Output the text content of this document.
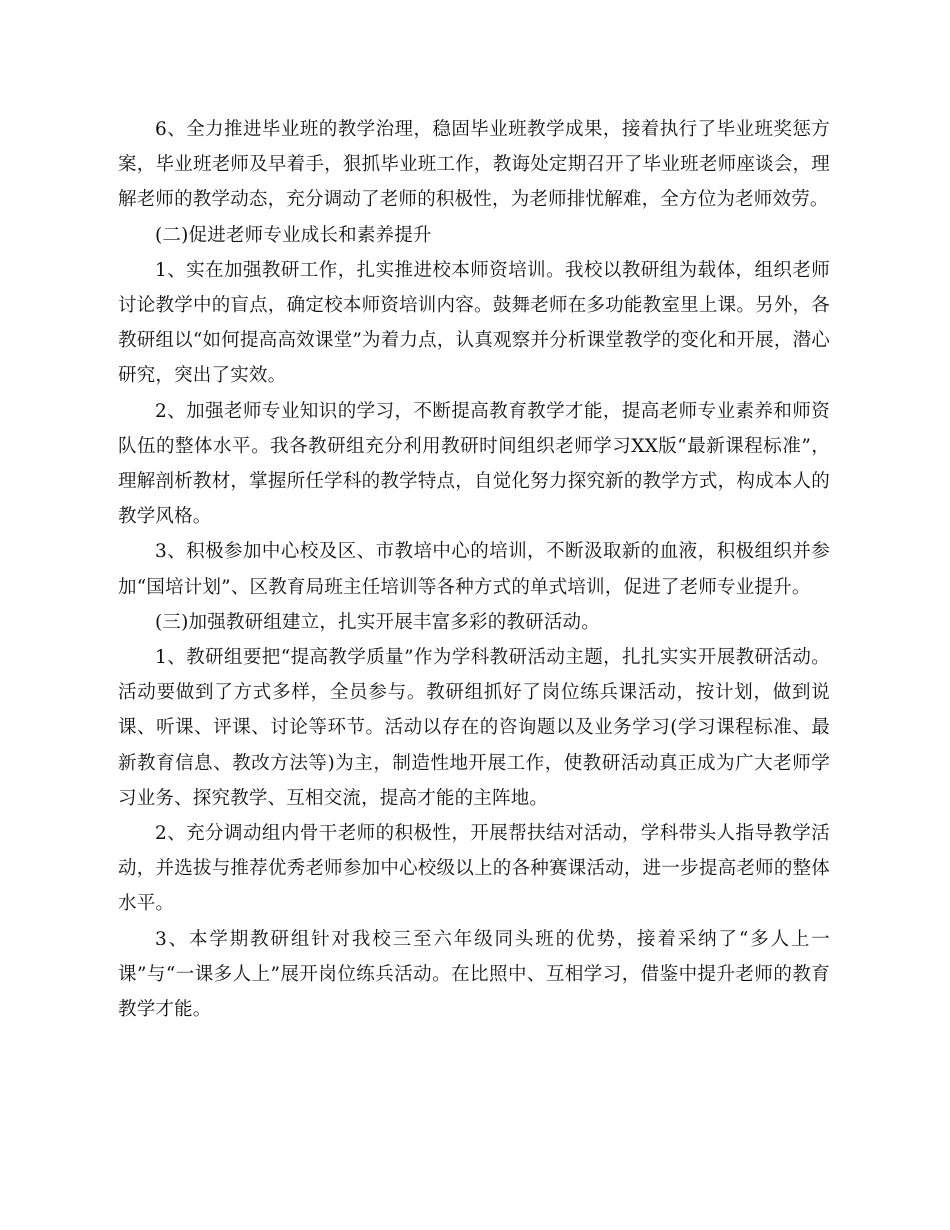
6、全力推进毕业班的教学治理，稳固毕业班教学成果，接着执行了毕业班奖惩方案，毕业班老师及早着手，狠抓毕业班工作，教诲处定期召开了毕业班老师座谈会，理解老师的教学动态，充分调动了老师的积极性，为老师排忧解难，全方位为老师效劳。

(二)促进老师专业成长和素养提升

1、实在加强教研工作，扎实推进校本师资培训。我校以教研组为载体，组织老师讨论教学中的盲点，确定校本师资培训内容。鼓舞老师在多功能教室里上课。另外，各教研组以“如何提高高效课堂”为着力点，认真观察并分析课堂教学的变化和开展，潜心研究，突出了实效。

2、加强老师专业知识的学习，不断提高教育教学才能，提高老师专业素养和师资队伍的整体水平。我各教研组充分利用教研时间组织老师学习XX版“最新课程标准”，理解剖析教材，掌握所任学科的教学特点，自觉化努力探究新的教学方式，构成本人的教学风格。

3、积极参加中心校及区、市教培中心的培训，不断汲取新的血液，积极组织并参加“国培计划”、区教育局班主任培训等各种方式的单式培训，促进了老师专业提升。

(三)加强教研组建立，扎实开展丰富多彩的教研活动。

1、教研组要把“提高教学质量”作为学科教研活动主题，扎扎实实开展教研活动。活动要做到了方式多样，全员参与。教研组抓好了岗位练兵课活动，按计划，做到说课、听课、评课、讨论等环节。活动以存在的咨询题以及业务学习(学习课程标准、最新教育信息、教改方法等)为主，制造性地开展工作，使教研活动真正成为广大老师学习业务、探究教学、互相交流，提高才能的主阵地。

2、充分调动组内骨干老师的积极性，开展帮扶结对活动，学科带头人指导教学活动，并选拔与推荐优秀老师参加中心校级以上的各种赛课活动，进一步提高老师的整体水平。

3、本学期教研组针对我校三至六年级同头班的优势，接着采纳了“多人上一课”与“一课多人上”展开岗位练兵活动。在比照中、互相学习，借鉴中提升老师的教育教学才能。
